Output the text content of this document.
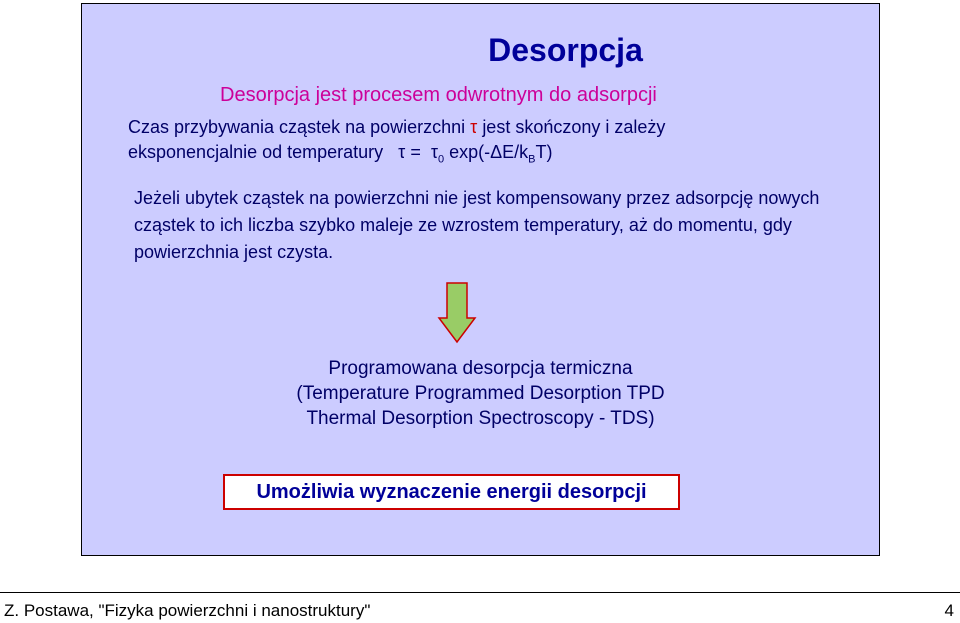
Desorpcja
Desorpcja jest procesem odwrotnym do adsorpcji
Czas przybywania cząstek na powierzchni τ jest skończony i zależy
eksponencjalnie od temperatury $\tau = \tau_0$ $\exp(-\Delta E/k_BT)$
Jeżeli ubytek cząstek na powierzchni nie jest kompensowany przez adsorpcję nowych cząstek to ich liczba szybko maleje ze wzrostem temperatury, aż do momentu, gdy powierzchnia jest czysta.
Programowana desorpcja termiczna
(Temperature Programmed Desorption TPD
Thermal Desorption Spectroscopy - TDS)
Umożliwia wyznaczenie energii desorpcji
Z. Postawa, "Fizyka powierzchni i nanostruktury"	4
